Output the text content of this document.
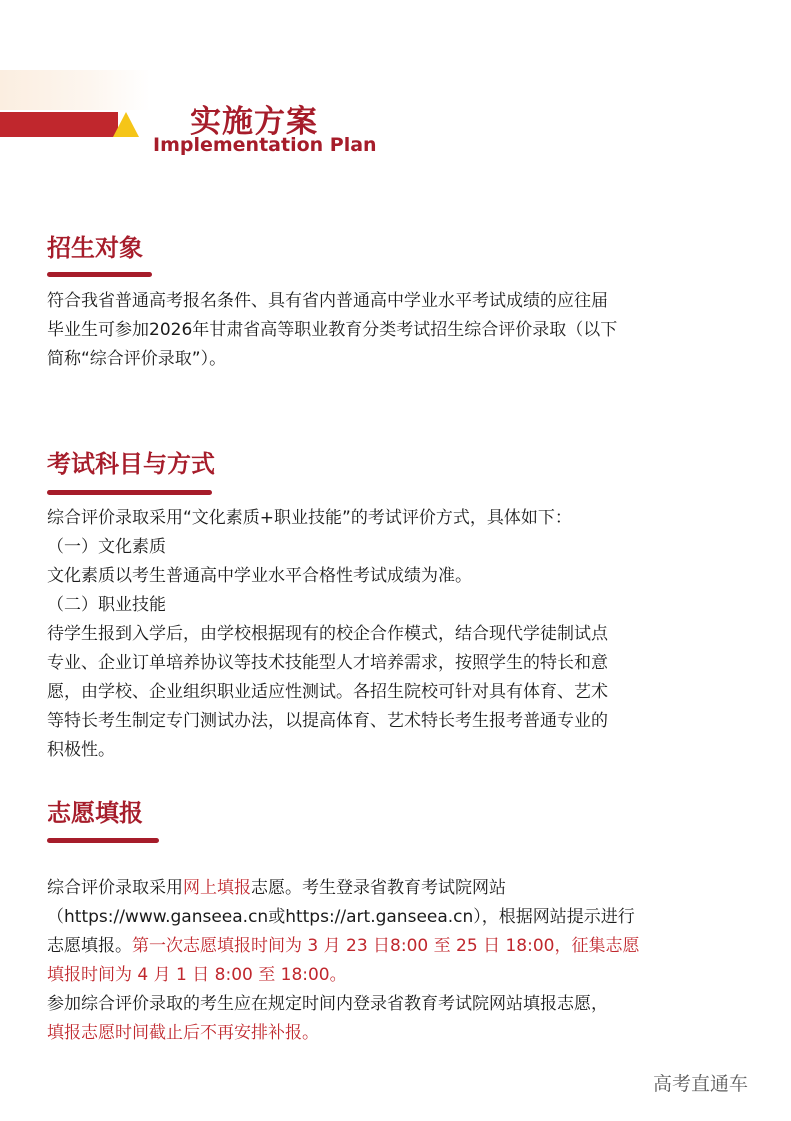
实施方案
Implementation Plan
招生对象
符合我省普通高考报名条件、具有省内普通高中学业水平考试成绩的应往届
毕业生可参加2026年甘肃省高等职业教育分类考试招生综合评价录取（以下
简称“综合评价录取”）。
考试科目与方式
综合评价录取采用“文化素质+职业技能”的考试评价方式，具体如下：
（一）文化素质
文化素质以考生普通高中学业水平合格性考试成绩为准。
（二）职业技能
待学生报到入学后，由学校根据现有的校企合作模式，结合现代学徒制试点
专业、企业订单培养协议等技术技能型人才培养需求，按照学生的特长和意
愿，由学校、企业组织职业适应性测试。各招生院校可针对具有体育、艺术
等特长考生制定专门测试办法，以提高体育、艺术特长考生报考普通专业的
积极性。
志愿填报
综合评价录取采用网上填报志愿。考生登录省教育考试院网站
（https://www.ganseea.cn或https://art.ganseea.cn），根据网站提示进行
志愿填报。第一次志愿填报时间为 3 月 23 日8:00 至 25 日 18:00，征集志愿
填报时间为 4 月 1 日 8:00 至 18:00。
参加综合评价录取的考生应在规定时间内登录省教育考试院网站填报志愿，
填报志愿时间截止后不再安排补报。
高考直通车
